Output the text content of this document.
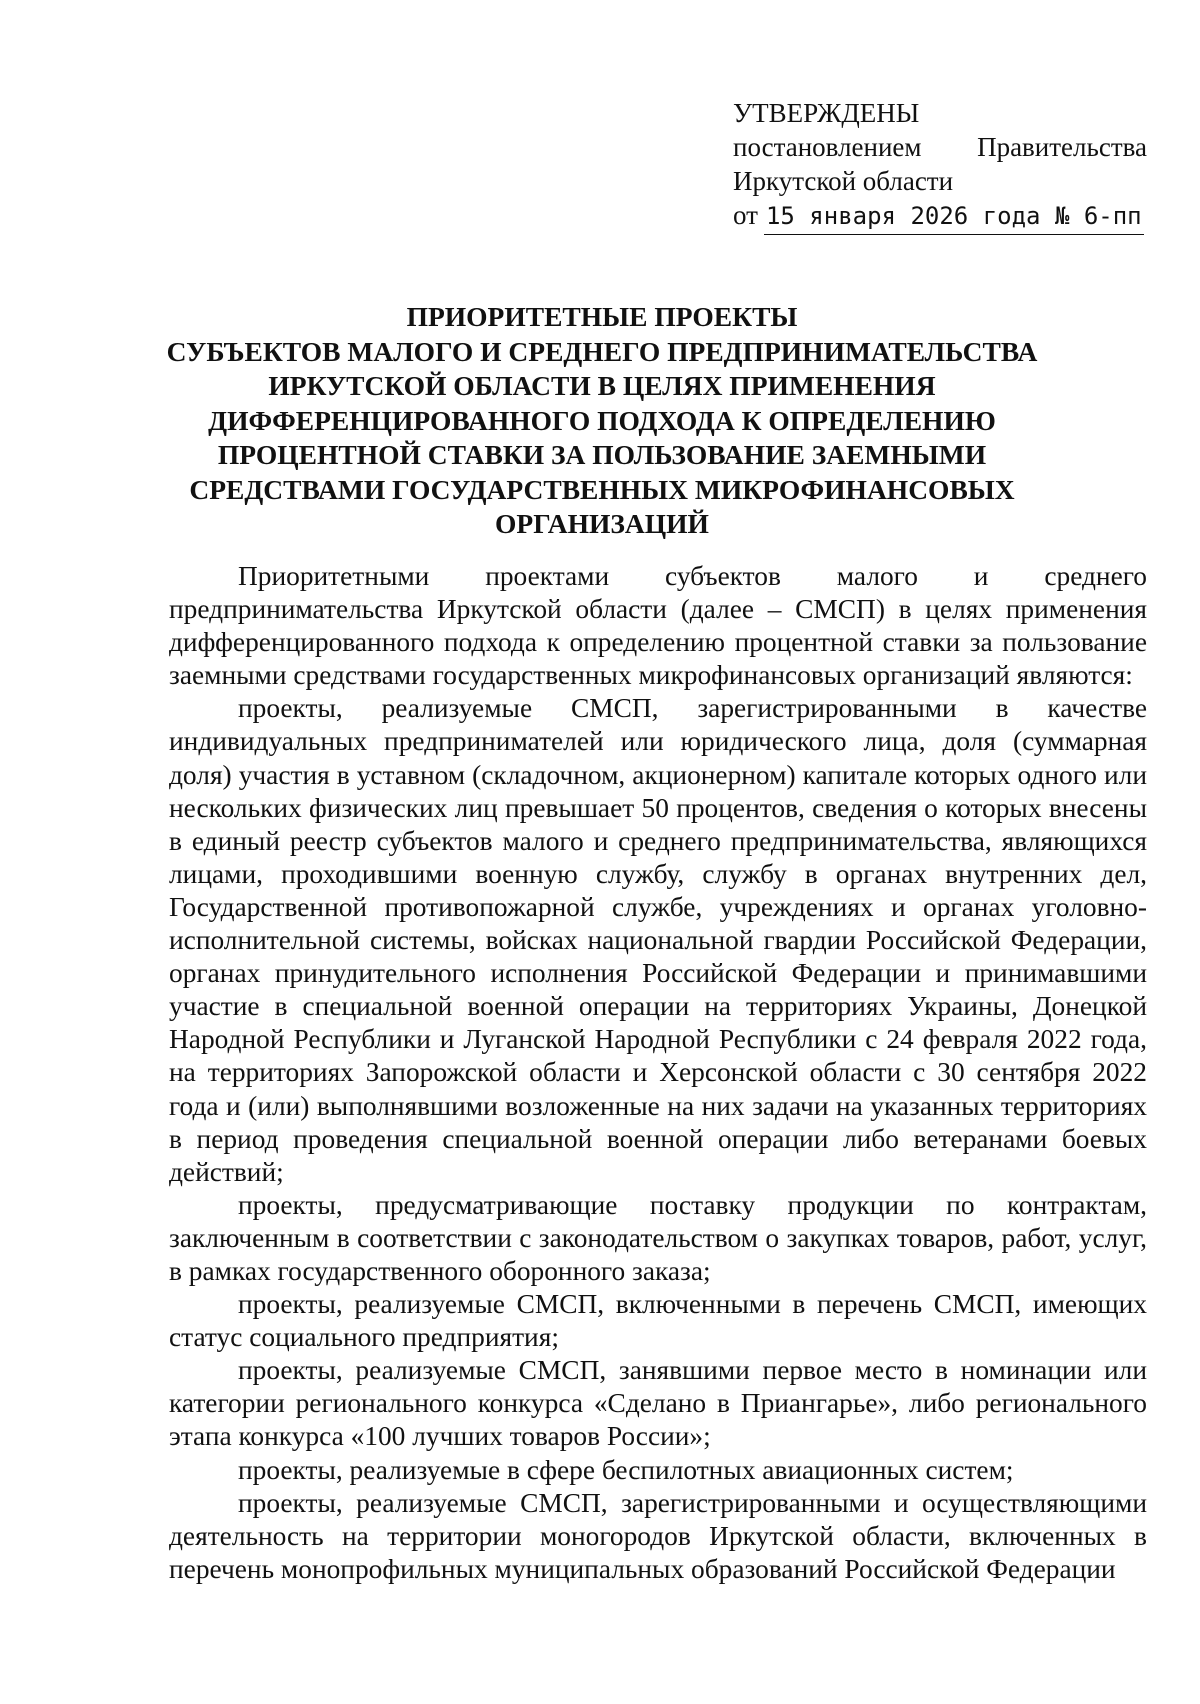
УТВЕРЖДЕНЫ
постановлением Правительства
Иркутской области
от 15 января 2026 года № 6-пп
ПРИОРИТЕТНЫЕ ПРОЕКТЫ
СУБЪЕКТОВ МАЛОГО И СРЕДНЕГО ПРЕДПРИНИМАТЕЛЬСТВА
ИРКУТСКОЙ ОБЛАСТИ В ЦЕЛЯХ ПРИМЕНЕНИЯ
ДИФФЕРЕНЦИРОВАННОГО ПОДХОДА К ОПРЕДЕЛЕНИЮ
ПРОЦЕНТНОЙ СТАВКИ ЗА ПОЛЬЗОВАНИЕ ЗАЕМНЫМИ
СРЕДСТВАМИ ГОСУДАРСТВЕННЫХ МИКРОФИНАНСОВЫХ
ОРГАНИЗАЦИЙ

Приоритетными проектами субъектов малого и среднего предпринимательства Иркутской области (далее – СМСП) в целях применения дифференцированного подхода к определению процентной ставки за пользование заемными средствами государственных микрофинансовых организаций являются:

проекты, реализуемые СМСП, зарегистрированными в качестве индивидуальных предпринимателей или юридического лица, доля (суммарная доля) участия в уставном (складочном, акционерном) капитале которых одного или нескольких физических лиц превышает 50 процентов, сведения о которых внесены в единый реестр субъектов малого и среднего предпринимательства, являющихся лицами, проходившими военную службу, службу в органах внутренних дел, Государственной противопожарной службе, учреждениях и органах уголовно-исполнительной системы, войсках национальной гвардии Российской Федерации, органах принудительного исполнения Российской Федерации и принимавшими участие в специальной военной операции на территориях Украины, Донецкой Народной Республики и Луганской Народной Республики с 24 февраля 2022 года, на территориях Запорожской области и Херсонской области с 30 сентября 2022 года и (или) выполнявшими возложенные на них задачи на указанных территориях в период проведения специальной военной операции либо ветеранами боевых действий;

проекты, предусматривающие поставку продукции по контрактам, заключенным в соответствии с законодательством о закупках товаров, работ, услуг, в рамках государственного оборонного заказа;

проекты, реализуемые СМСП, включенными в перечень СМСП, имеющих статус социального предприятия;

проекты, реализуемые СМСП, занявшими первое место в номинации или категории регионального конкурса «Сделано в Приангарье», либо регионального этапа конкурса «100 лучших товаров России»;

проекты, реализуемые в сфере беспилотных авиационных систем;

проекты, реализуемые СМСП, зарегистрированными и осуществляющими деятельность на территории моногородов Иркутской области, включенных в перечень монопрофильных муниципальных образований Российской Федерации
